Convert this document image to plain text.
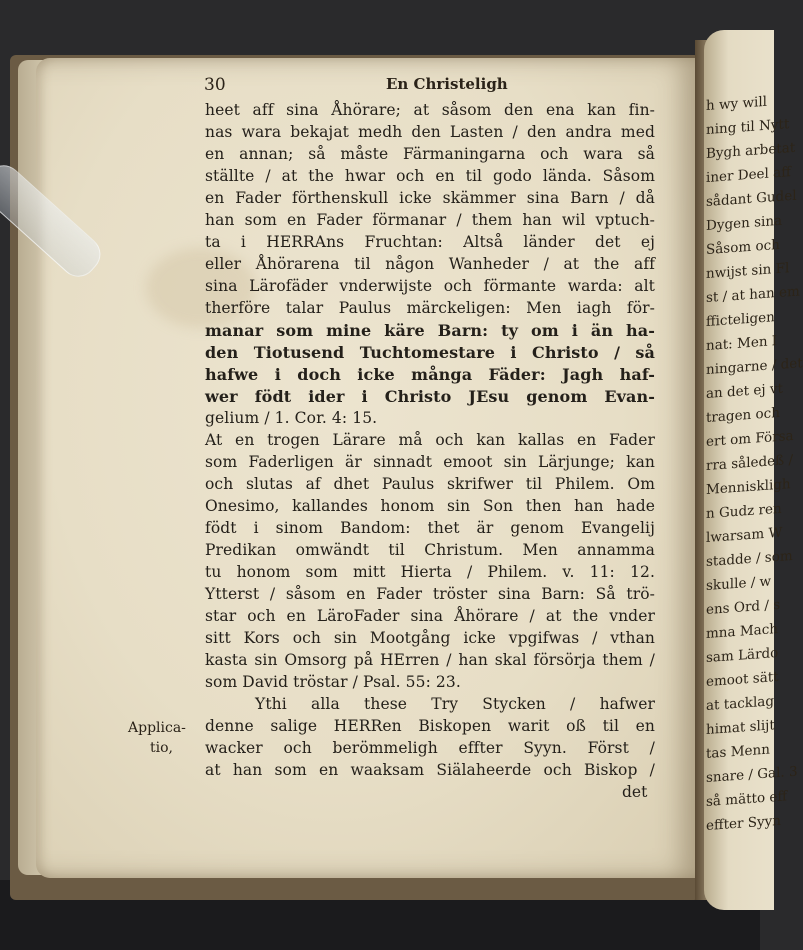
h wy will
ning til Nytt
Bygh arbetat
iner Deel aff
sådant Gudel
Dygen sina
Såsom och
nwijst sin Fl
st / at han em
fficteligen
nat: Men I
ningarne / det
an det ej vt
tragen och
ert om Försa
rra såledeß /
Menniskligh
n Gudz ren
lwarsam W
stadde / som
skulle / w
ens Ord / s
mna Mach
sam Lärdo
emoot sätt
at tacklag
himat slijt
tas Menn
snare / Gal. 3
så mätto eff
effter Syyn
30	En Christeligh
heet aff sina Åhörare; at såsom den ena kan fin-
nas wara bekajat medh den Lasten / den andra med
en annan; så måste Färmaningarna och wara så
ställte / at the hwar och en til godo lända. Såsom
en Fader förthenskull icke skämmer sina Barn / då
han som en Fader förmanar / them han wil vptuch-
ta i HERRAns Fruchtan: Altså länder det ej
eller Åhörarena til någon Wanheder / at the aff
sina Lärofäder vnderwijste och förmante warda: alt
therföre talar Paulus märckeligen: Men iagh för-
manar som mine käre Barn: ty om i än ha-
den Tiotusend Tuchtomestare i Christo / så
hafwe i doch icke många Fäder: Jagh haf-
wer födt ider i Christo JEsu genom Evan-
gelium / 1. Cor. 4: 15.
At en trogen Lärare må och kan kallas en Fader
som Faderligen är sinnadt emoot sin Lärjunge; kan
och slutas af dhet Paulus skrifwer til Philem. Om
Onesimo, kallandes honom sin Son then han hade
födt i sinom Bandom: thet är genom Evangelij
Predikan omwändt til Christum. Men annamma
tu honom som mitt Hierta / Philem. v. 11: 12.
Ytterst / såsom en Fader tröster sina Barn: Så trö-
star och en LäroFader sina Åhörare / at the vnder
sitt Kors och sin Mootgång icke vpgifwas / vthan
kasta sin Omsorg på HErren / han skal försörja them /
som David tröstar / Psal. 55: 23.
Ythi alla these Try Stycken / hafwer
denne salige HERRen Biskopen warit oß til en
wacker och berömmeligh effter Syyn. Först /
at han som en waaksam Siälaheerde och Biskop /
Applica-
tio,
det
